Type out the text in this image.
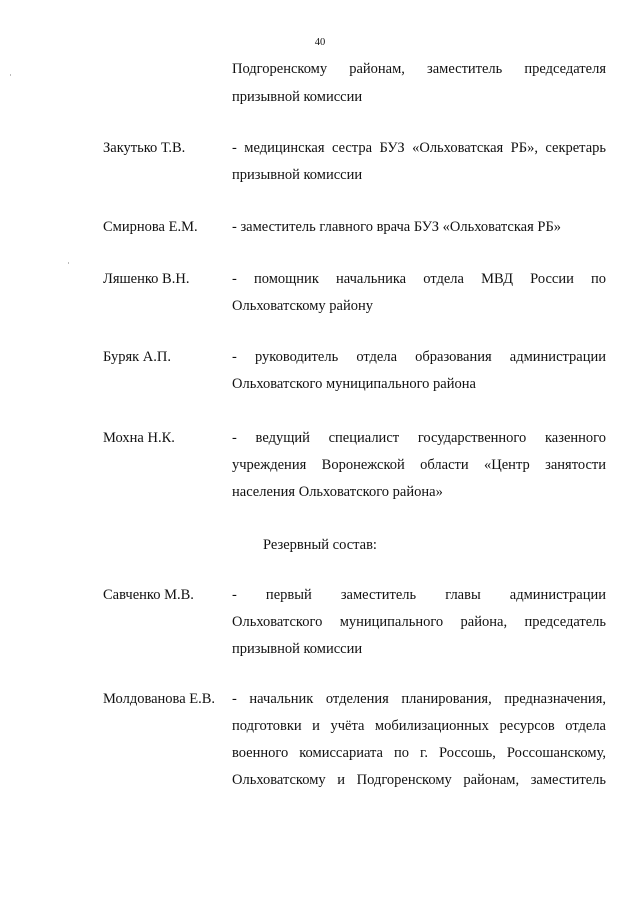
40
Подгоренскому районам, заместитель председателя
призывной комиссии
Закутько Т.В.	- медицинская сестра БУЗ «Ольховатская РБ», секретарь
призывной комиссии
Смирнова Е.М. - заместитель главного врача БУЗ «Ольховатская РБ»
Ляшенко В.Н.	- помощник начальника отдела МВД России по
Ольховатскому району
Буряк А.П.	- руководитель отдела образования администрации
Ольховатского муниципального района
Мохна Н.К.	- ведущий специалист государственного казенного
учреждения Воронежской области «Центр занятости
населения Ольховатского района»
Резервный состав:
Савченко М.В.	- первый заместитель главы администрации
Ольховатского муниципального района, председатель
призывной комиссии
Молдованова Е.В. - начальник отделения планирования, предназначения,
подготовки и учёта мобилизационных ресурсов отдела
военного комиссариата по г. Россошь, Россошанскому,
Ольховатскому и Подгоренскому районам, заместитель
